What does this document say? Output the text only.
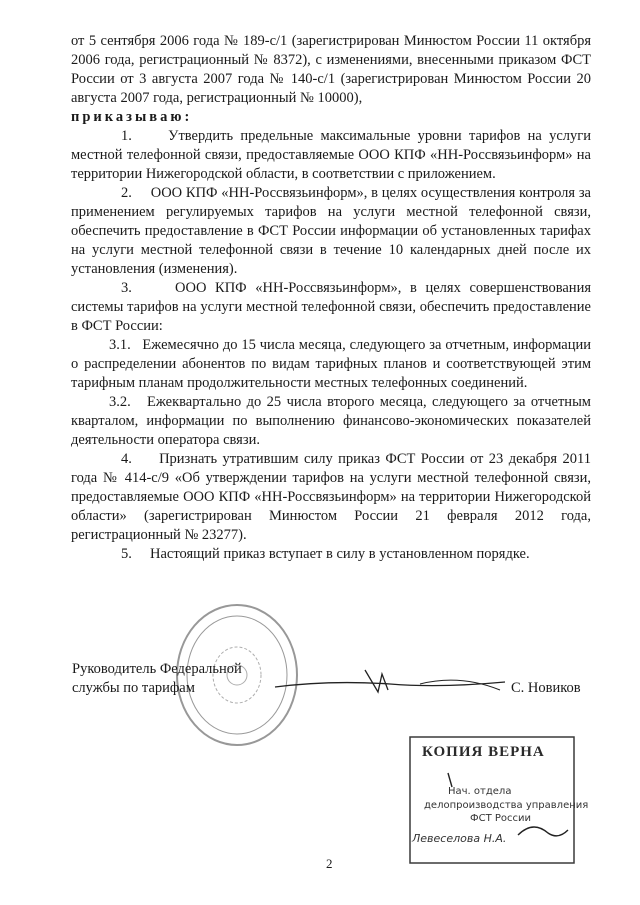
от 5 сентября 2006 года № 189-с/1 (зарегистрирован Минюстом России 11 октября 2006 года, регистрационный № 8372), с изменениями, внесенными приказом ФСТ России от 3 августа 2007 года № 140-с/1 (зарегистрирован Минюстом России 20 августа 2007 года, регистрационный № 10000),
приказываю:

1.     Утвердить предельные максимальные уровни тарифов на услуги местной телефонной связи, предоставляемые ООО КПФ «НН-Россвязьинформ» на территории Нижегородской области, в соответствии с приложением.

2.     ООО КПФ «НН-Россвязьинформ», в целях осуществления контроля за применением регулируемых тарифов на услуги местной телефонной связи, обеспечить предоставление в ФСТ России информации об установленных тарифах на услуги местной телефонной связи в течение 10 календарных дней после их установления (изменения).

3.     ООО КПФ «НН-Россвязьинформ», в целях совершенствования системы тарифов на услуги местной телефонной связи, обеспечить предоставление в ФСТ России:

3.1.   Ежемесячно до 15 числа месяца, следующего за отчетным, информации о распределении абонентов по видам тарифных планов и соответствующей этим тарифным планам продолжительности местных телефонных соединений.

3.2.   Ежеквартально до 25 числа второго месяца, следующего за отчетным кварталом, информации по выполнению финансово-экономических показателей деятельности оператора связи.

4.     Признать утратившим силу приказ ФСТ России от 23 декабря 2011 года № 414-с/9 «Об утверждении тарифов на услуги местной телефонной связи, предоставляемые ООО КПФ «НН-Россвязьинформ» на территории Нижегородской области» (зарегистрирован Минюстом России 21 февраля 2012 года, регистрационный № 23277).

5.     Настоящий приказ вступает в силу в установленном порядке.

Руководитель Федеральной
службы по тарифам	С. Новиков
КОПИЯ ВЕРНА
Нач. отдела
делопроизводства управления
ФСТ России
Левеселова Н.А.
2
